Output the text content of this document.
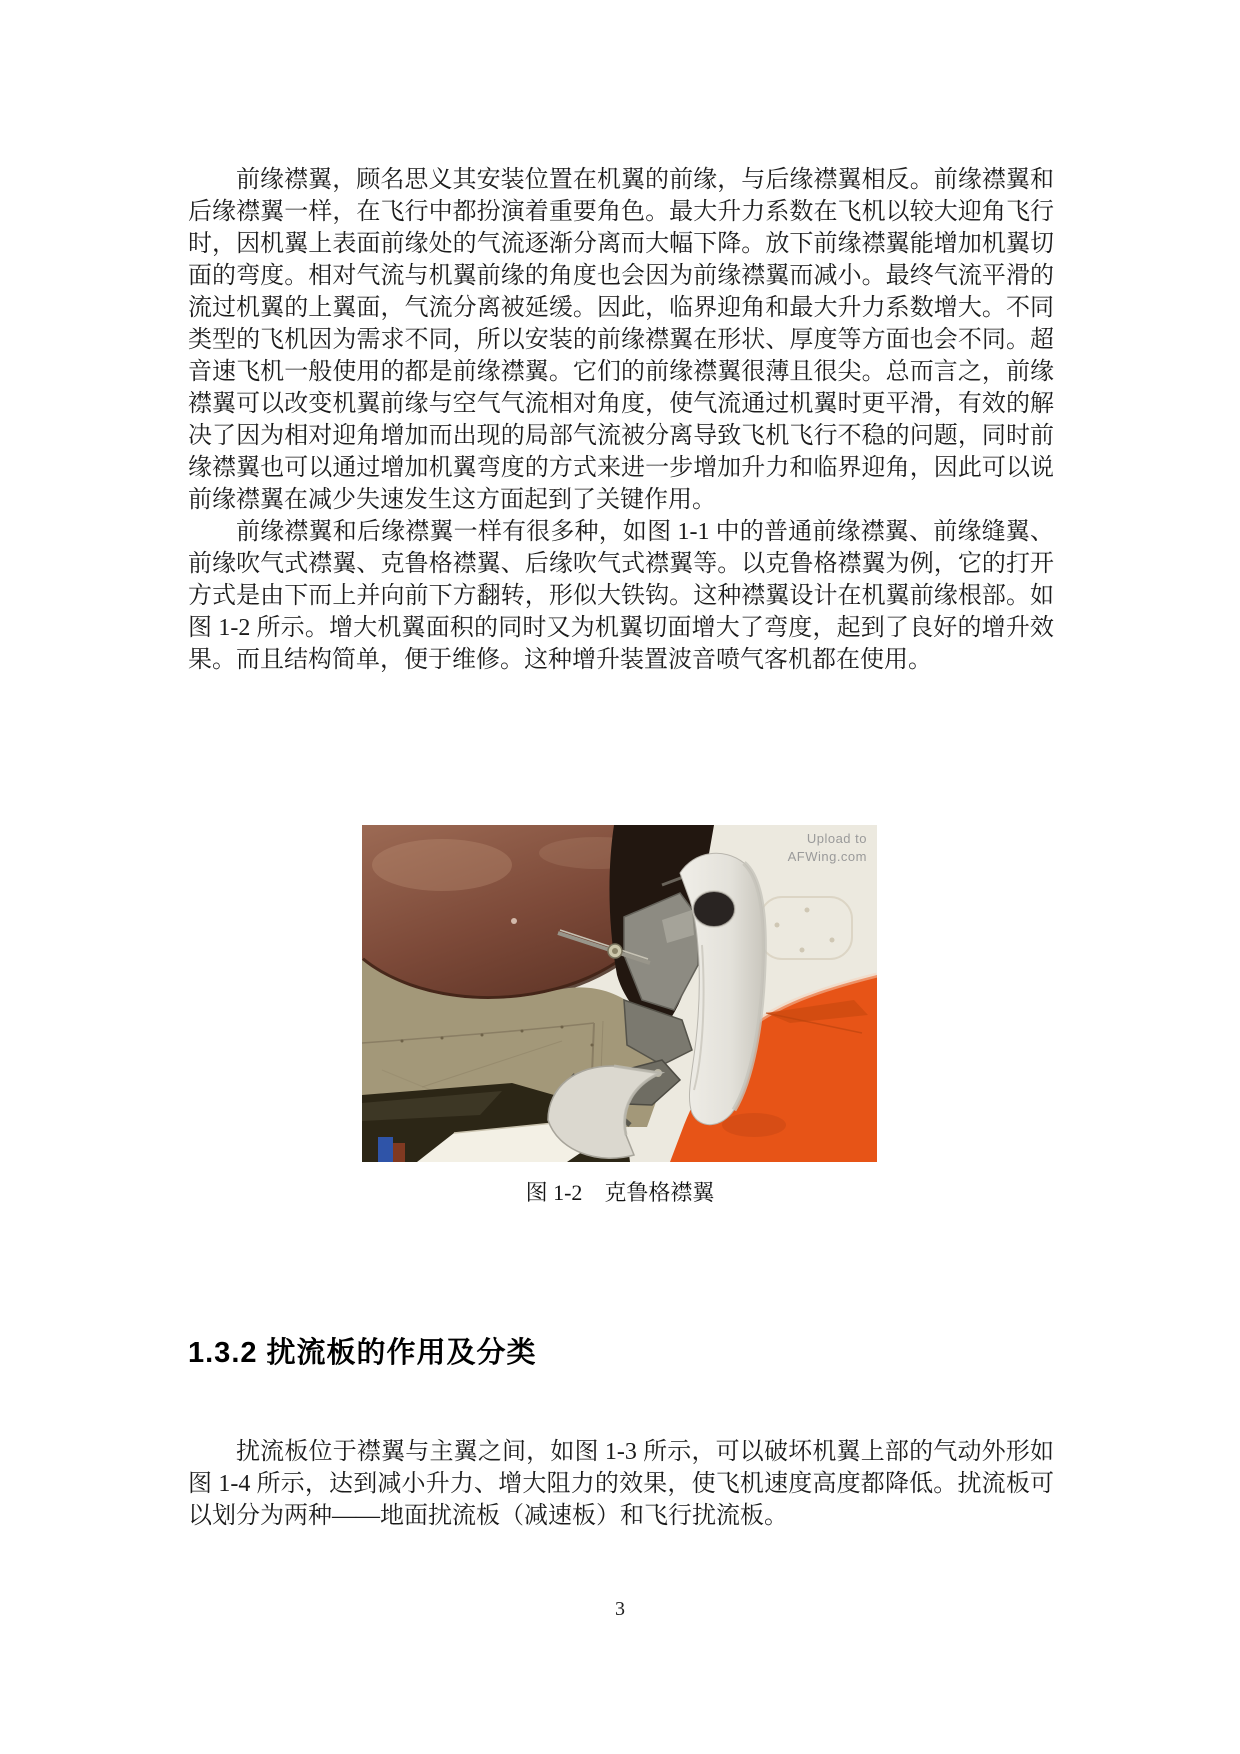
前缘襟翼，顾名思义其安装位置在机翼的前缘，与后缘襟翼相反。前缘襟翼和后缘襟翼一样，在飞行中都扮演着重要角色。最大升力系数在飞机以较大迎角飞行时，因机翼上表面前缘处的气流逐渐分离而大幅下降。放下前缘襟翼能增加机翼切面的弯度。相对气流与机翼前缘的角度也会因为前缘襟翼而减小。最终气流平滑的流过机翼的上翼面，气流分离被延缓。因此，临界迎角和最大升力系数增大。不同类型的飞机因为需求不同，所以安装的前缘襟翼在形状、厚度等方面也会不同。超音速飞机一般使用的都是前缘襟翼。它们的前缘襟翼很薄且很尖。总而言之，前缘襟翼可以改变机翼前缘与空气气流相对角度，使气流通过机翼时更平滑，有效的解决了因为相对迎角增加而出现的局部气流被分离导致飞机飞行不稳的问题，同时前缘襟翼也可以通过增加机翼弯度的方式来进一步增加升力和临界迎角，因此可以说前缘襟翼在减少失速发生这方面起到了关键作用。

前缘襟翼和后缘襟翼一样有很多种，如图 1-1 中的普通前缘襟翼、前缘缝翼、前缘吹气式襟翼、克鲁格襟翼、后缘吹气式襟翼等。以克鲁格襟翼为例，它的打开方式是由下而上并向前下方翻转，形似大铁钩。这种襟翼设计在机翼前缘根部。如图 1-2 所示。增大机翼面积的同时又为机翼切面增大了弯度，起到了良好的增升效果。而且结构简单，便于维修。这种增升装置波音喷气客机都在使用。

Upload to
AFWing.com
图 1-2　克鲁格襟翼
1.3.2 扰流板的作用及分类

扰流板位于襟翼与主翼之间，如图 1-3 所示，可以破坏机翼上部的气动外形如图 1-4 所示，达到减小升力、增大阻力的效果，使飞机速度高度都降低。扰流板可以划分为两种——地面扰流板（减速板）和飞行扰流板。

3
